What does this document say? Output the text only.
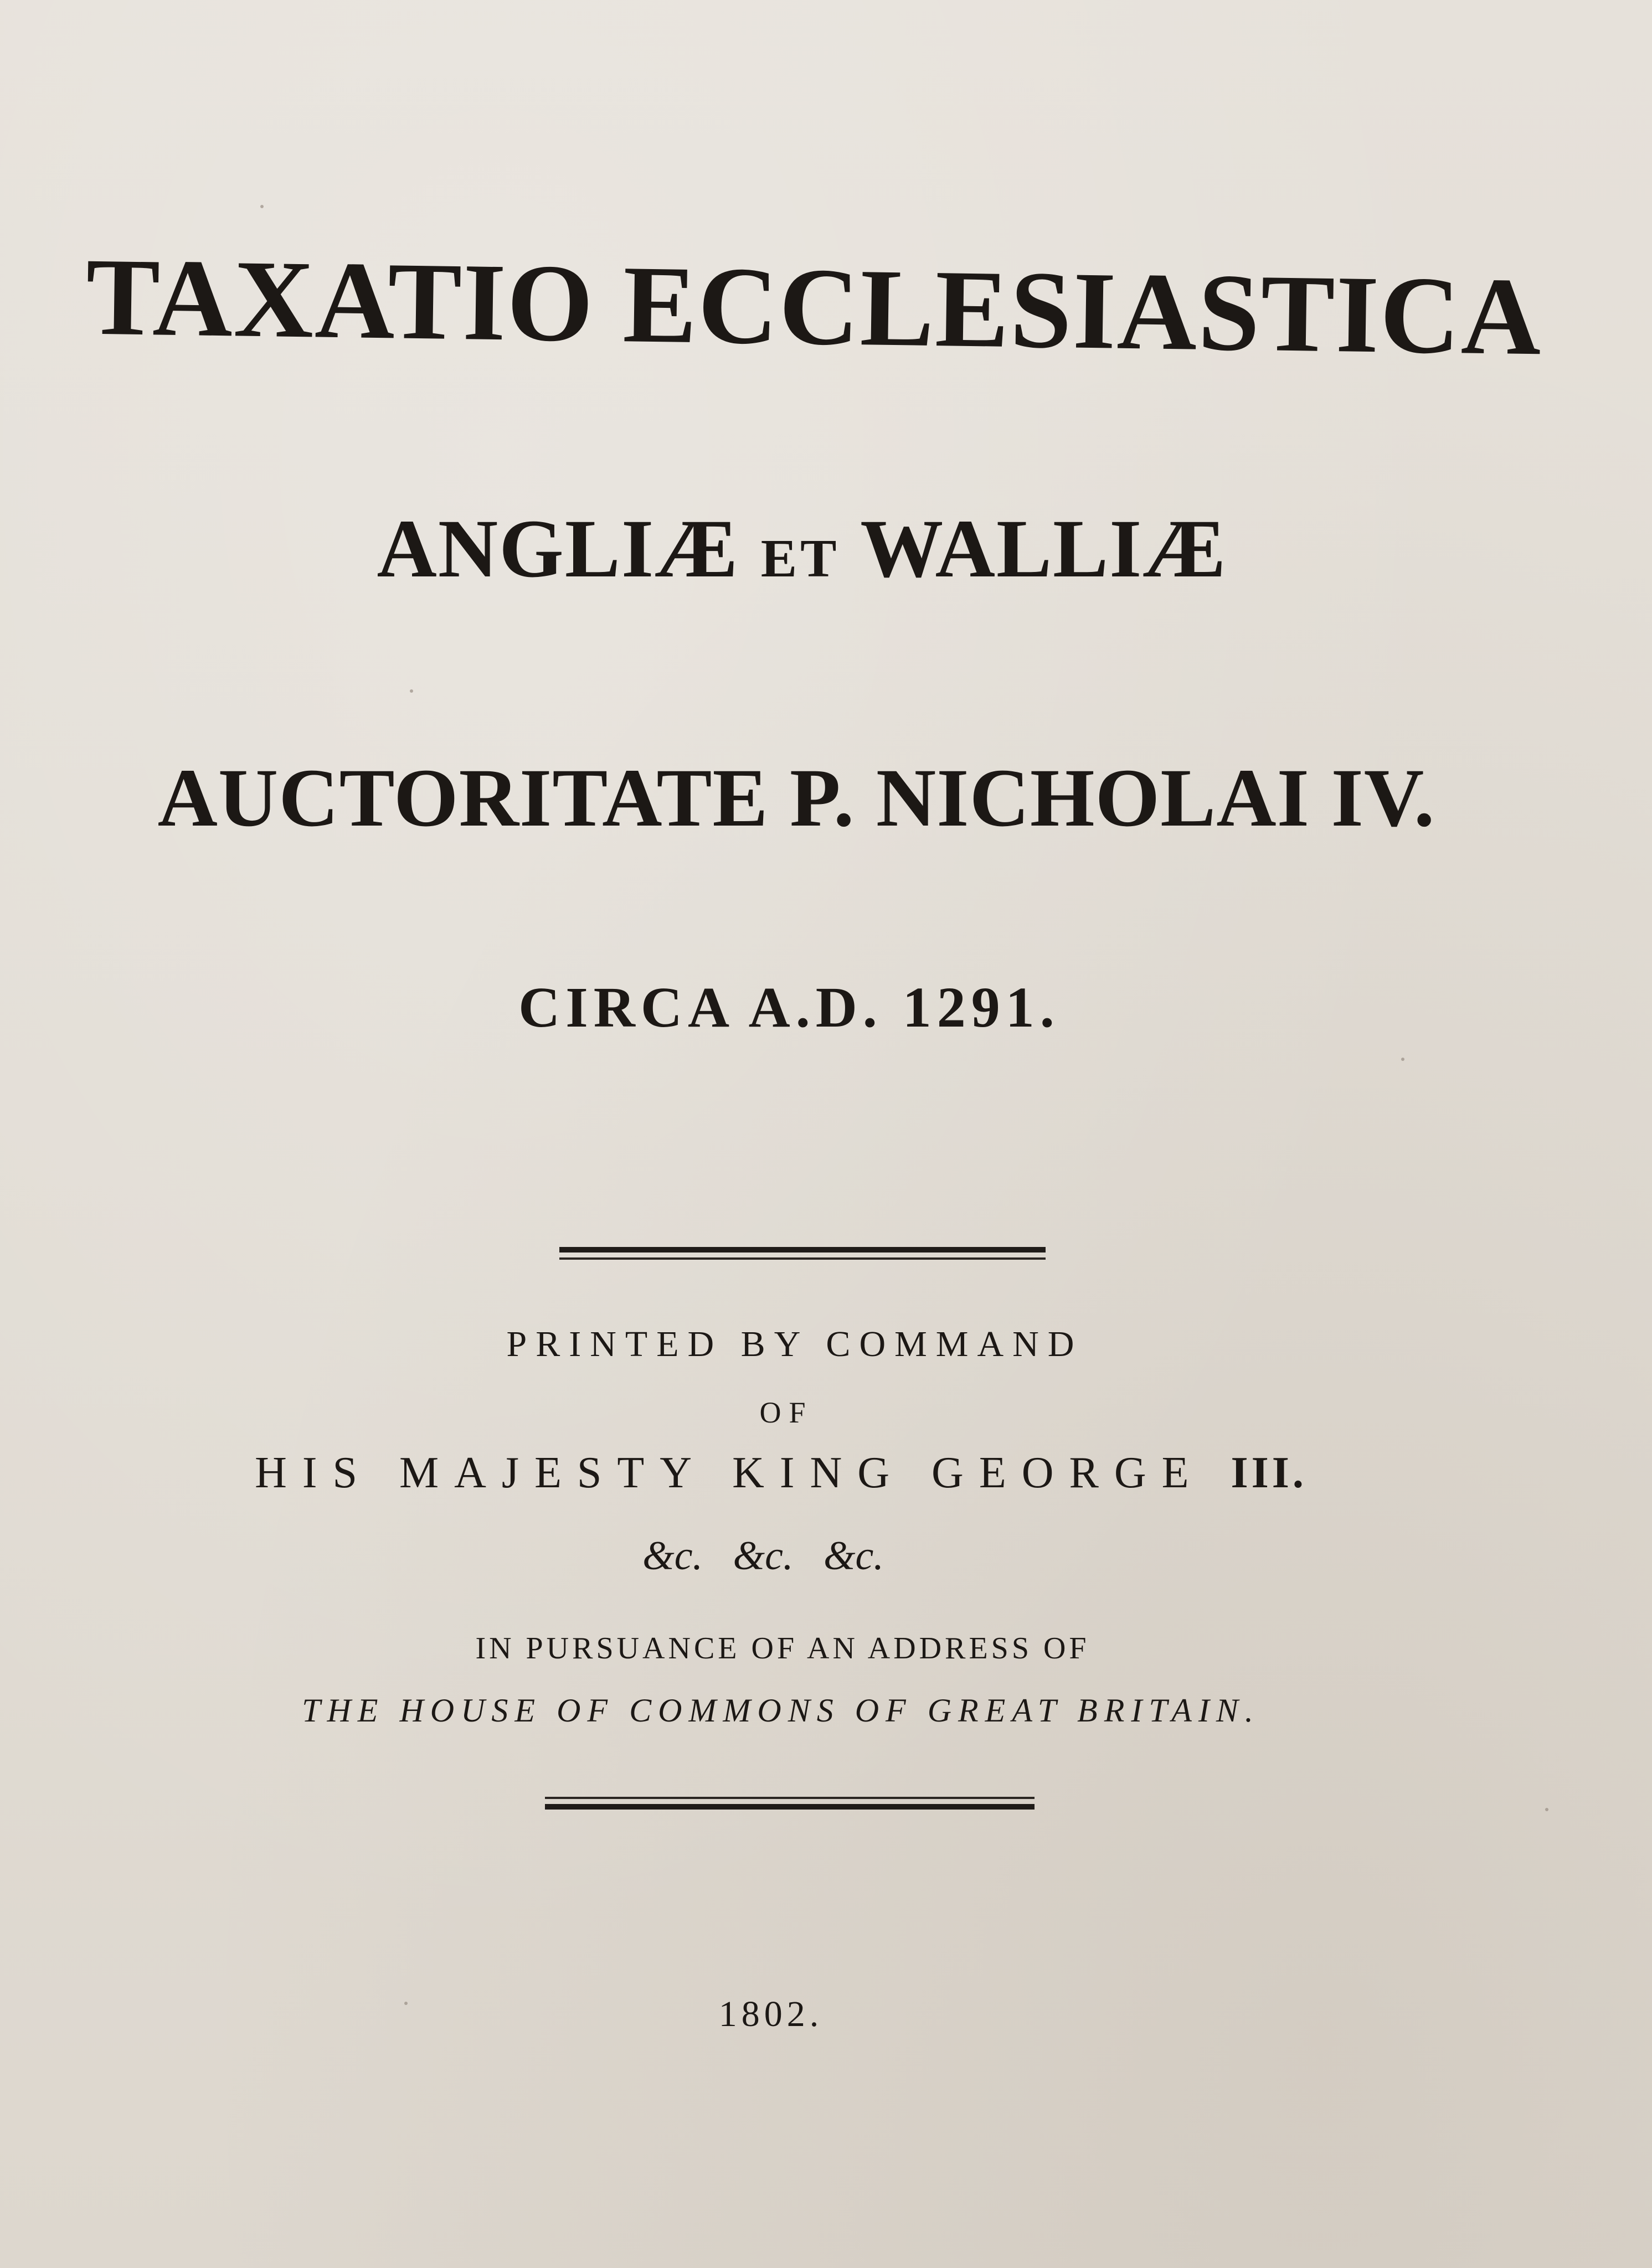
TAXATIO ECCLESIASTICA
ANGLIÆ ET WALLIÆ
AUCTORITATE P. NICHOLAI IV.
CIRCA A.D. 1291.
PRINTED BY COMMAND
OF
HIS MAJESTY KING GEORGE III.
&c. &c. &c.
IN PURSUANCE OF AN ADDRESS OF
THE HOUSE OF COMMONS OF GREAT BRITAIN.
1802.
